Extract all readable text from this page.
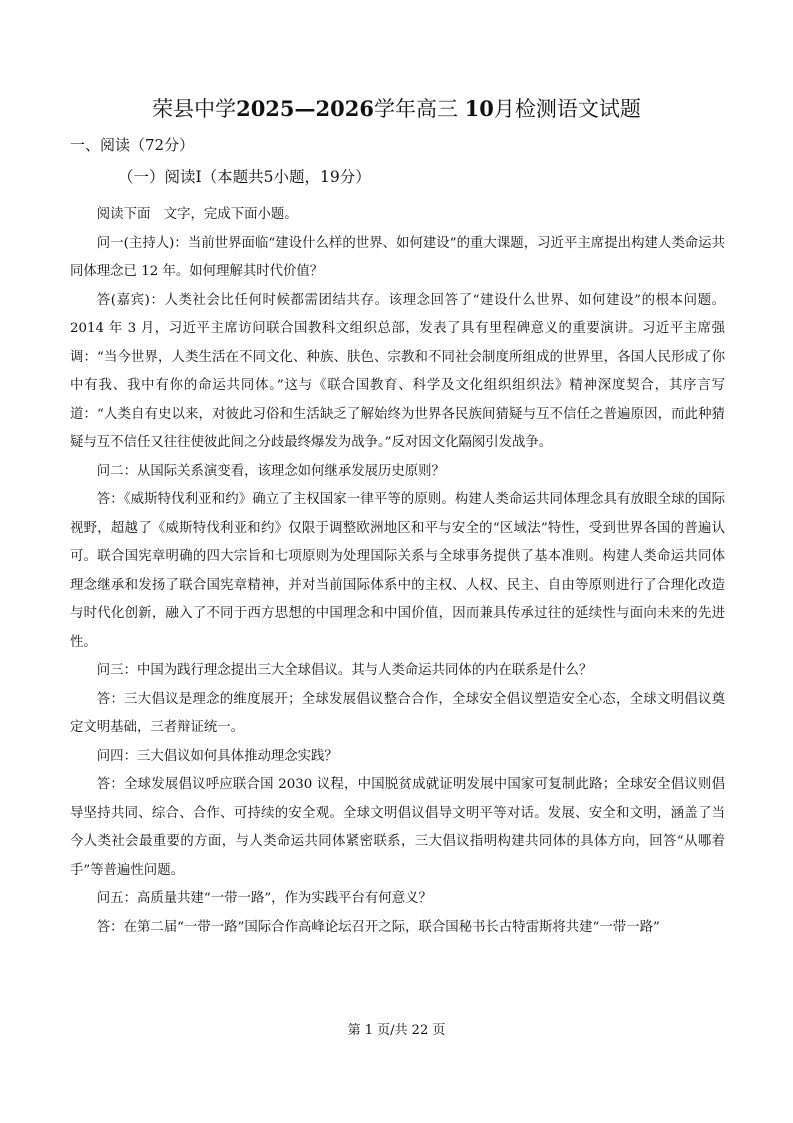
荣县中学2025—2026学年高三 10月检测语文试题
一、阅读（72分）
（一）阅读Ⅰ（本题共5小题，19分）

阅读下面　文字，完成下面小题。

问一(主持人)：当前世界面临“建设什么样的世界、如何建设”的重大课题，习近平主席提出构建人类命运共同体理念已 12 年。如何理解其时代价值？

答(嘉宾)：人类社会比任何时候都需团结共存。该理念回答了“建设什么世界、如何建设”的根本问题。2014 年 3 月，习近平主席访问联合国教科文组织总部，发表了具有里程碑意义的重要演讲。习近平主席强调：“当今世界，人类生活在不同文化、种族、肤色、宗教和不同社会制度所组成的世界里，各国人民形成了你中有我、我中有你的命运共同体。”这与《联合国教育、科学及文化组织组织法》精神深度契合，其序言写道：“人类自有史以来，对彼此习俗和生活缺乏了解始终为世界各民族间猜疑与互不信任之普遍原因，而此种猜疑与互不信任又往往使彼此间之分歧最终爆发为战争。”反对因文化隔阂引发战争。

问二：从国际关系演变看，该理念如何继承发展历史原则？

答：《威斯特伐利亚和约》确立了主权国家一律平等的原则。构建人类命运共同体理念具有放眼全球的国际视野，超越了《威斯特伐利亚和约》仅限于调整欧洲地区和平与安全的“区域法”特性，受到世界各国的普遍认可。联合国宪章明确的四大宗旨和七项原则为处理国际关系与全球事务提供了基本准则。构建人类命运共同体理念继承和发扬了联合国宪章精神，并对当前国际体系中的主权、人权、民主、自由等原则进行了合理化改造与时代化创新，融入了不同于西方思想的中国理念和中国价值，因而兼具传承过往的延续性与面向未来的先进性。

问三：中国为践行理念提出三大全球倡议。其与人类命运共同体的内在联系是什么？

答：三大倡议是理念的维度展开；全球发展倡议整合合作，全球安全倡议塑造安全心态，全球文明倡议奠定文明基础，三者辩证统一。

问四：三大倡议如何具体推动理念实践？

答：全球发展倡议呼应联合国 2030 议程，中国脱贫成就证明发展中国家可复制此路；全球安全倡议则倡导坚持共同、综合、合作、可持续的安全观。全球文明倡议倡导文明平等对话。发展、安全和文明，涵盖了当今人类社会最重要的方面，与人类命运共同体紧密联系，三大倡议指明构建共同体的具体方向，回答“从哪着手”等普遍性问题。

问五：高质量共建“一带一路”，作为实践平台有何意义？

答：在第二届“一带一路”国际合作高峰论坛召开之际，联合国秘书长古特雷斯将共建“一带一路”

第 1 页/共 22 页
